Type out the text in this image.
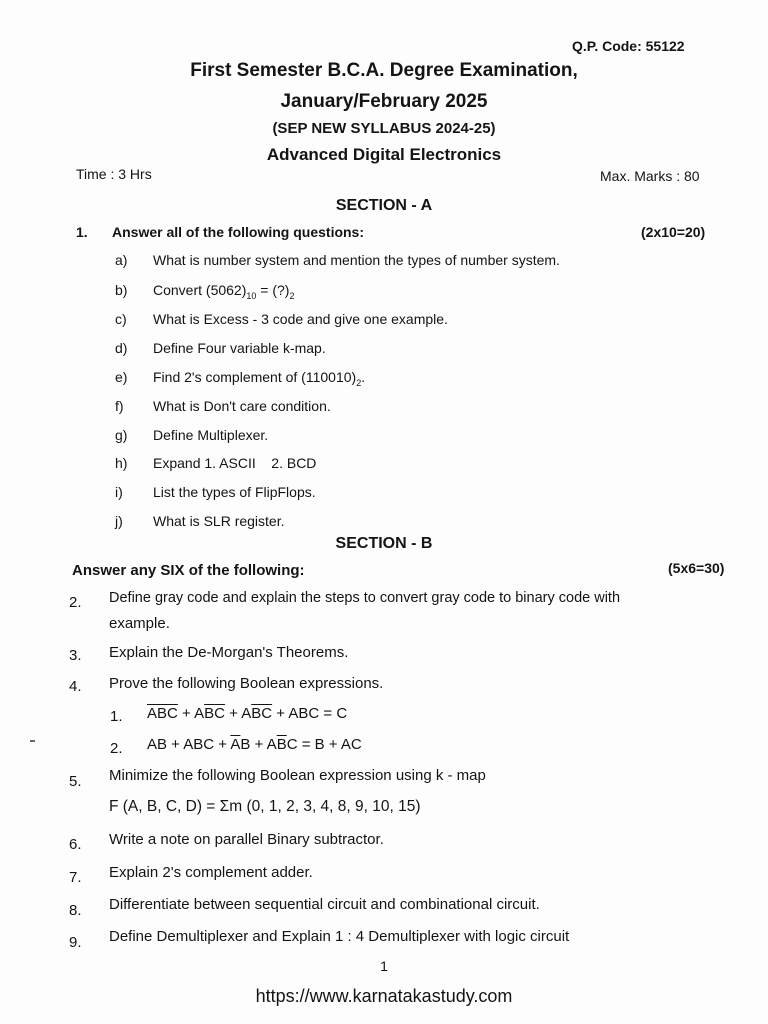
Q.P. Code: 55122
First Semester B.C.A. Degree Examination,
January/February 2025
(SEP NEW SYLLABUS 2024-25)
Advanced Digital Electronics
Time : 3 Hrs	Max. Marks : 80
SECTION - A
1. Answer all of the following questions:	(2x10=20)
a) What is number system and mention the types of number system.
b) Convert $(5062)_{10}$ = $(?)_2$
c) What is Excess - 3 code and give one example.
d) Define Four variable k-map.
e) Find 2's complement of $(110010)_2$.
f) What is Don't care condition.
g) Define Multiplexer.
h) Expand 1. ASCII    2. BCD
i) List the types of FlipFlops.
j) What is SLR register.
SECTION - B
Answer any SIX of the following:	(5x6=30)
2. Define gray code and explain the steps to convert gray code to binary code with
example.
3. Explain the De-Morgan's Theorems.
4. Prove the following Boolean expressions.
1. $\overline{A}\overline{BC} + A\overline{B}\overline{C} + A\overline{BC}$ + ABC = C
2. AB + ABC + $\overline{A}B + A\overline{B}C = B$ + AC
5. Minimize the following Boolean expression using k - map
F (A, B, C, D) = Σm (0, 1, 2, 3, 4, 8, 9, 10, 15)
6. Write a note on parallel Binary subtractor.
7. Explain 2's complement adder.
8. Differentiate between sequential circuit and combinational circuit.
9. Define Demultiplexer and Explain 1 : 4 Demultiplexer with logic circuit
1
https://www.karnatakastudy.com
